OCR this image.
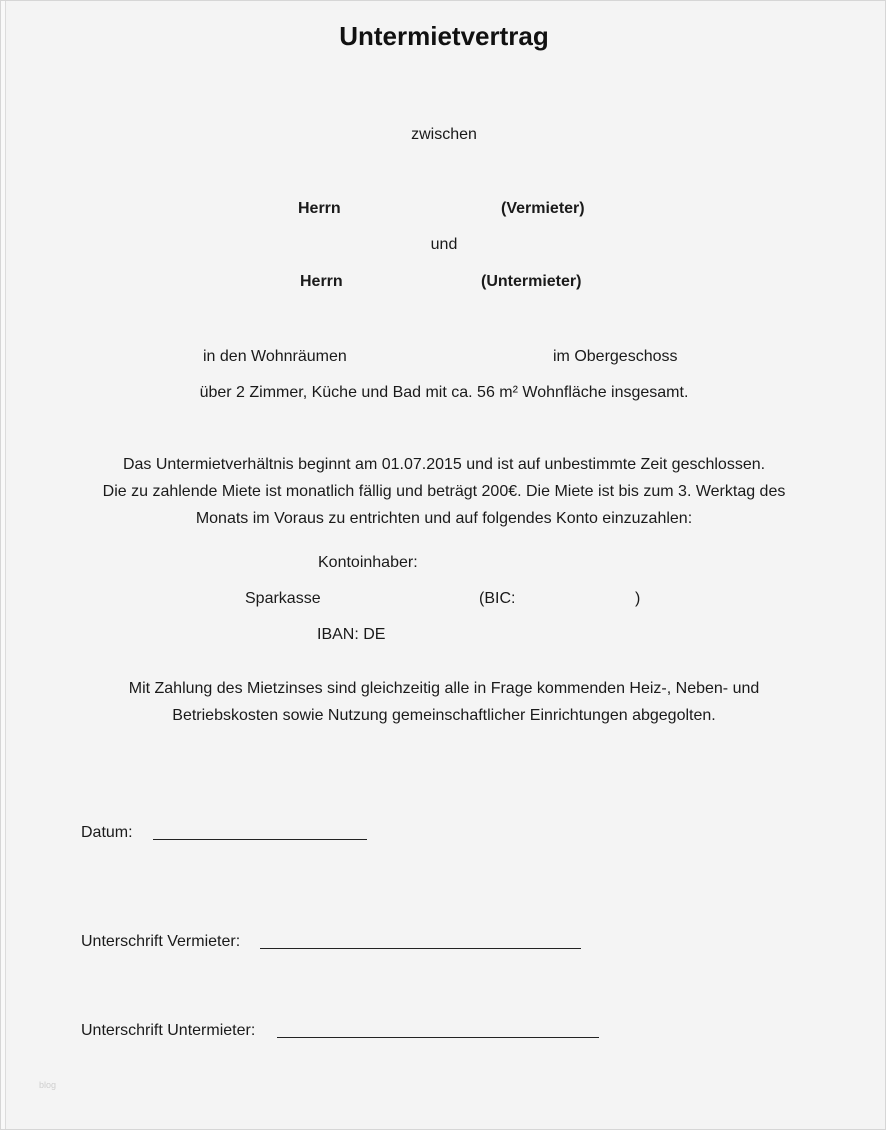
Untermietvertrag
zwischen
Herrn	(Vermieter)
und
Herrn	(Untermieter)
in den Wohnräumen	im Obergeschoss
über 2 Zimmer, Küche und Bad mit ca. 56 m² Wohnfläche insgesamt.
Das Untermietverhältnis beginnt am 01.07.2015 und ist auf unbestimmte Zeit geschlossen.
Die zu zahlende Miete ist monatlich fällig und beträgt 200€. Die Miete ist bis zum 3. Werktag des
Monats im Voraus zu entrichten und auf folgendes Konto einzuzahlen:
Kontoinhaber:
Sparkasse	(BIC:	)
IBAN: DE
Mit Zahlung des Mietzinses sind gleichzeitig alle in Frage kommenden Heiz-, Neben- und
Betriebskosten sowie Nutzung gemeinschaftlicher Einrichtungen abgegolten.
Datum:
Unterschrift Vermieter:
Unterschrift Untermieter:
blog
